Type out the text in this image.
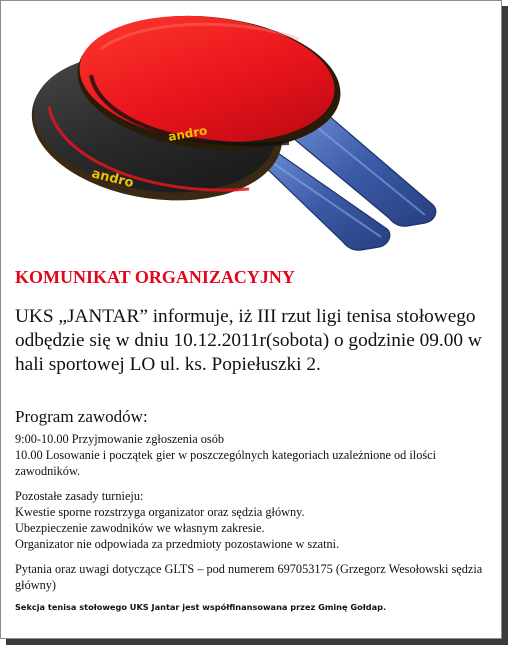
andro
andro
KOMUNIKAT ORGANIZACYJNY

UKS „JANTAR” informuje, iż III rzut ligi tenisa stołowego odbędzie się w dniu 10.12.2011r(sobota) o godzinie 09.00 w hali sportowej LO ul. ks. Popiełuszki 2.

Program zawodów:
9:00-10.00 Przyjmowanie zgłoszenia osób
10.00 Losowanie i początek gier w poszczególnych kategoriach uzależnione od ilości zawodników.
Pozostałe zasady turnieju:
Kwestie sporne rozstrzyga organizator oraz sędzia główny.
Ubezpieczenie zawodników we własnym zakresie.
Organizator nie odpowiada za przedmioty pozostawione w szatni.
Pytania oraz uwagi dotyczące GLTS – pod numerem 697053175 (Grzegorz Wesołowski sędzia główny)
Sekcja tenisa stołowego UKS Jantar jest współfinansowana przez Gminę Gołdap.
